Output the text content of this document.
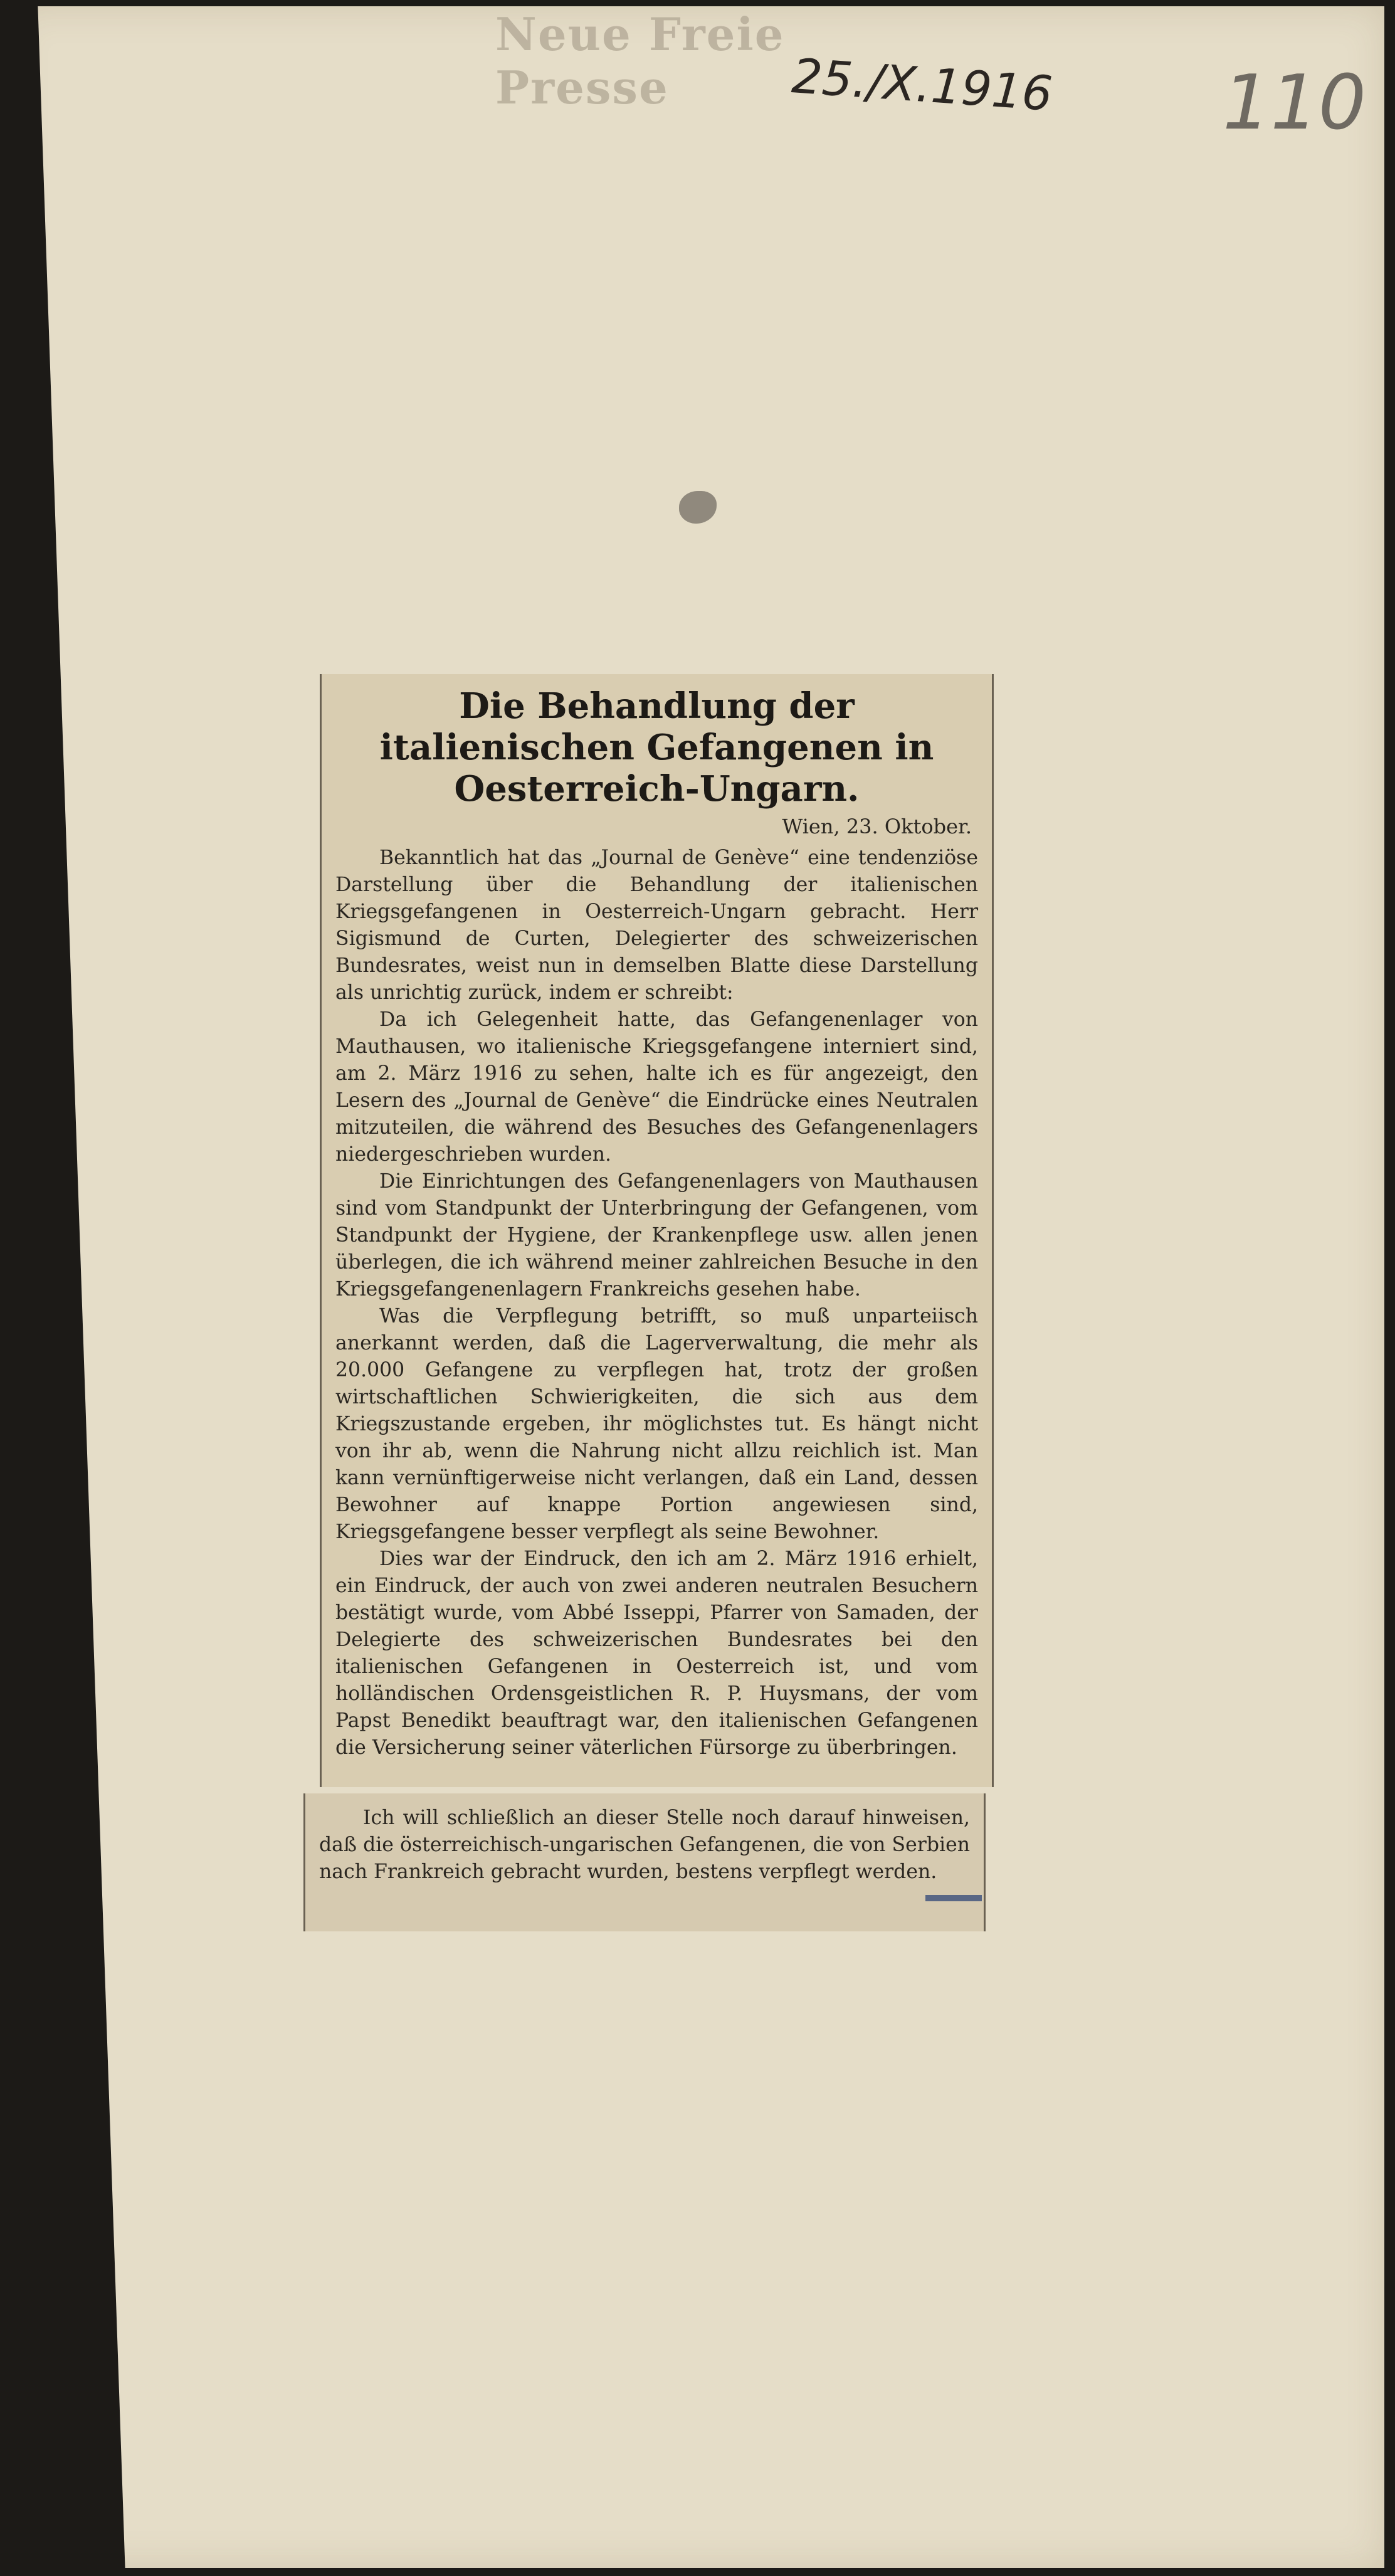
Neue Freie Presse	25./X.1916 110
Die Behandlung der italienischen Gefangenen in Oesterreich-Ungarn.
Wien, 23. Oktober.

Bekanntlich hat das „Journal de Genève“ eine tendenziöse Darstellung über die Behandlung der italienischen Kriegsgefangenen in Oesterreich-Ungarn gebracht. Herr Sigismund de Curten, Delegierter des schweizerischen Bundesrates, weist nun in demselben Blatte diese Darstellung als unrichtig zurück, indem er schreibt:

Da ich Gelegenheit hatte, das Gefangenenlager von Mauthausen, wo italienische Kriegsgefangene interniert sind, am 2. März 1916 zu sehen, halte ich es für angezeigt, den Lesern des „Journal de Genève“ die Eindrücke eines Neutralen mitzuteilen, die während des Besuches des Gefangenenlagers niedergeschrieben wurden.

Die Einrichtungen des Gefangenenlagers von Mauthausen sind vom Standpunkt der Unterbringung der Gefangenen, vom Standpunkt der Hygiene, der Krankenpflege usw. allen jenen überlegen, die ich während meiner zahlreichen Besuche in den Kriegsgefangenenlagern Frankreichs gesehen habe.

Was die Verpflegung betrifft, so muß unparteiisch anerkannt werden, daß die Lagerverwaltung, die mehr als 20.000 Gefangene zu verpflegen hat, trotz der großen wirtschaftlichen Schwierigkeiten, die sich aus dem Kriegszustande ergeben, ihr möglichstes tut. Es hängt nicht von ihr ab, wenn die Nahrung nicht allzu reichlich ist. Man kann vernünftigerweise nicht verlangen, daß ein Land, dessen Bewohner auf knappe Portion angewiesen sind, Kriegsgefangene besser verpflegt als seine Bewohner.

Dies war der Eindruck, den ich am 2. März 1916 erhielt, ein Eindruck, der auch von zwei anderen neutralen Besuchern bestätigt wurde, vom Abbé Isseppi, Pfarrer von Samaden, der Delegierte des schweizerischen Bundesrates bei den italienischen Gefangenen in Oesterreich ist, und vom holländischen Ordensgeistlichen R. P. Huysmans, der vom Papst Benedikt beauftragt war, den italienischen Gefangenen die Versicherung seiner väterlichen Fürsorge zu überbringen.

Ich will schließlich an dieser Stelle noch darauf hinweisen, daß die österreichisch-ungarischen Gefangenen, die von Serbien nach Frankreich gebracht wurden, bestens verpflegt werden.
